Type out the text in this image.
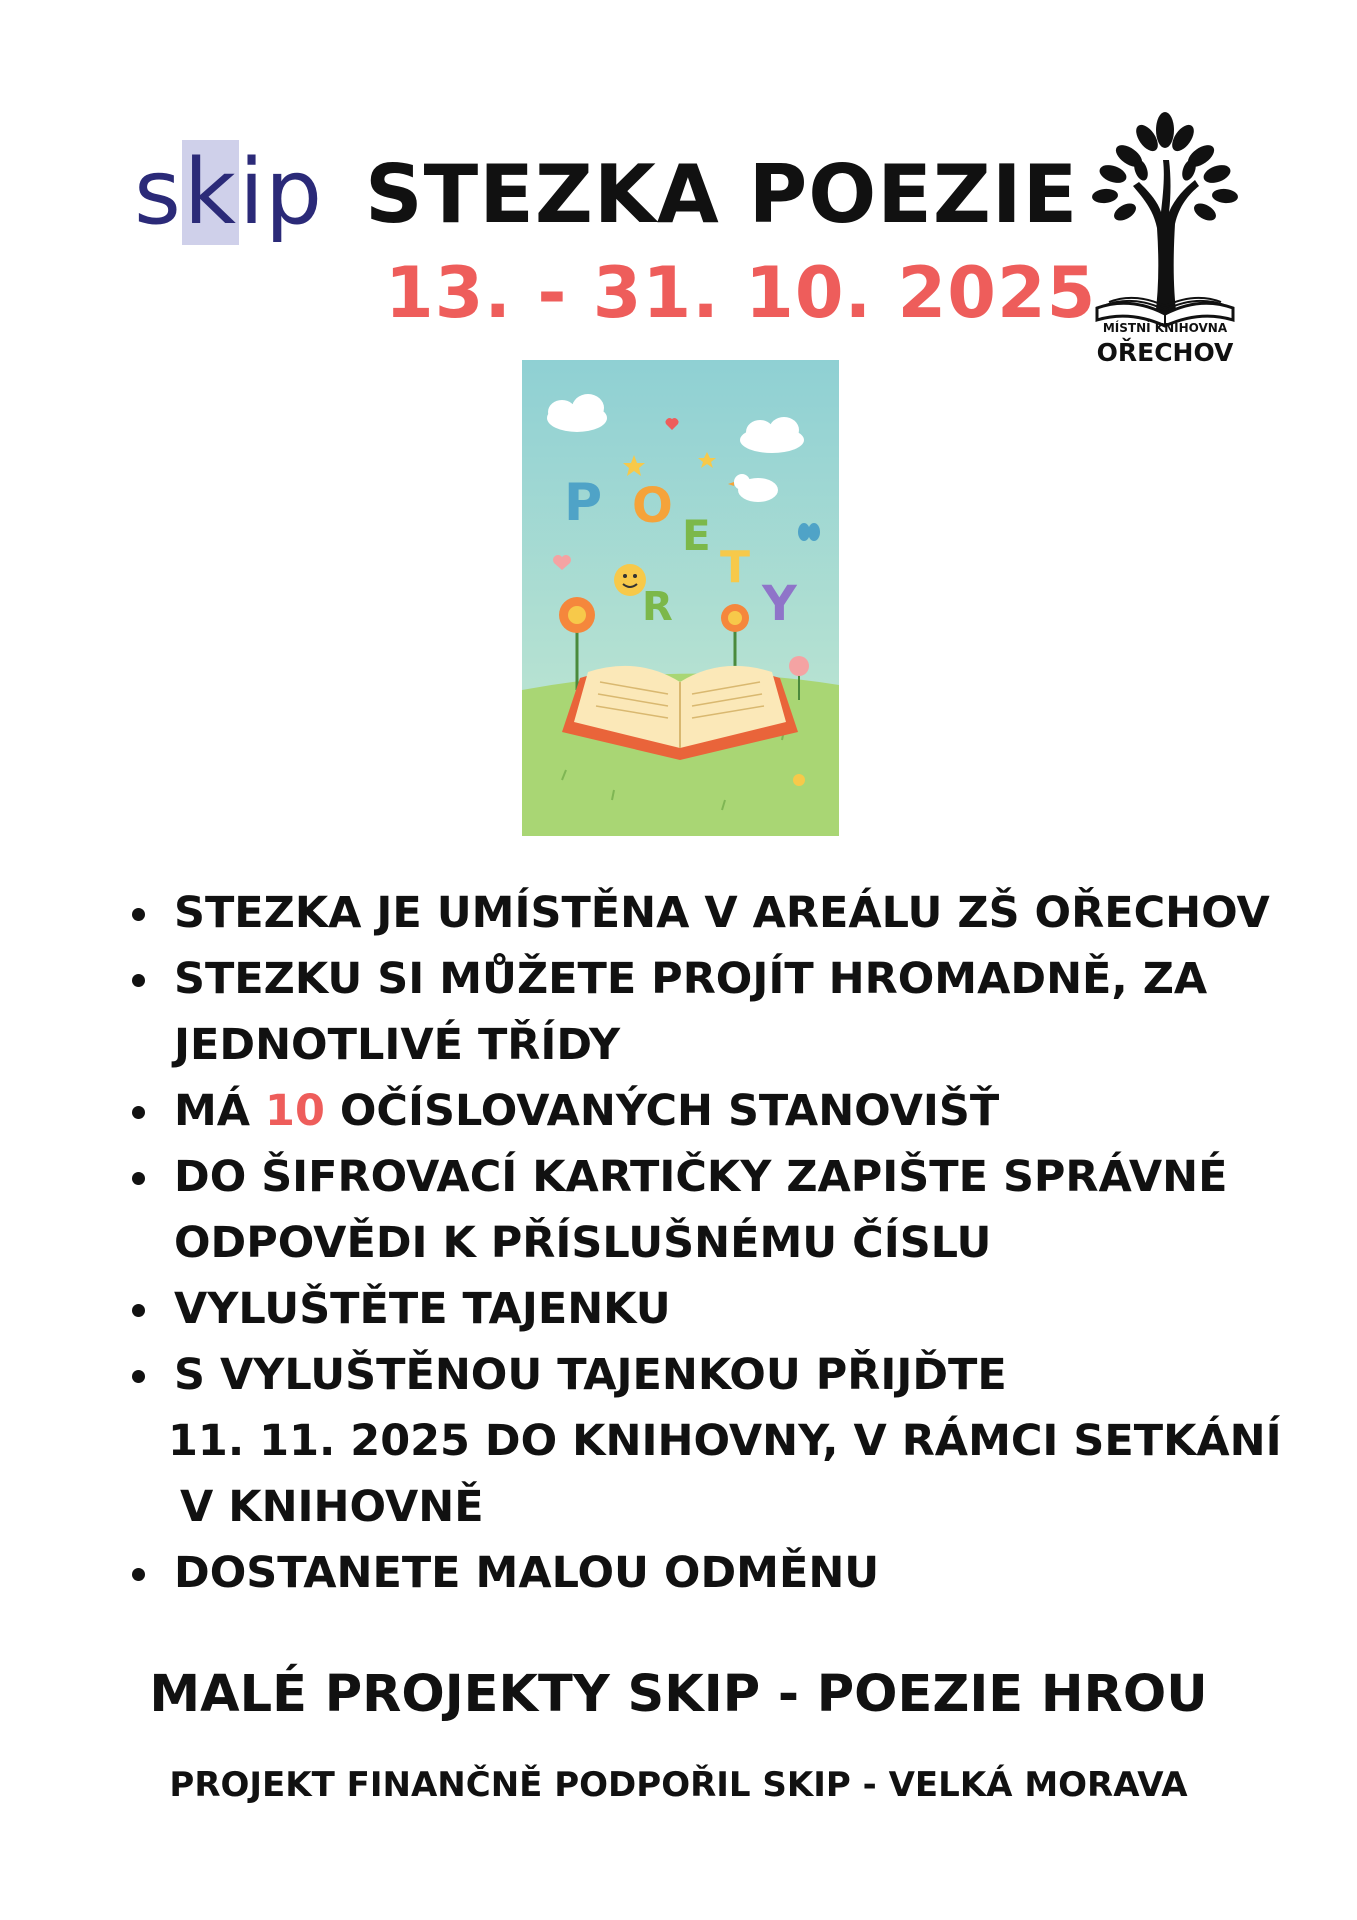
skip STEZKA POEZIE
13. - 31. 10. 2025 MÍSTNÍ KNIHOVNA
OŘECHOV
P O
E
T
R Y
STEZKA JE UMÍSTĚNA V AREÁLU ZŠ OŘECHOV
STEZKU SI MŮŽETE PROJÍT HROMADNĚ, ZA
JEDNOTLIVÉ TŘÍDY
MÁ 10 OČÍSLOVANÝCH STANOVIŠŤ
DO ŠIFROVACÍ KARTIČKY ZAPIŠTE SPRÁVNÉ
ODPOVĚDI K PŘÍSLUŠNÉMU ČÍSLU
VYLUŠTĚTE TAJENKU
S VYLUŠTĚNOU TAJENKOU PŘIJĎTE
11. 11. 2025 DO KNIHOVNY, V RÁMCI SETKÁNÍ
V KNIHOVNĚ
DOSTANETE MALOU ODMĚNU
MALÉ PROJEKTY SKIP - POEZIE HROU
PROJEKT FINANČNĚ PODPOŘIL SKIP - VELKÁ MORAVA
